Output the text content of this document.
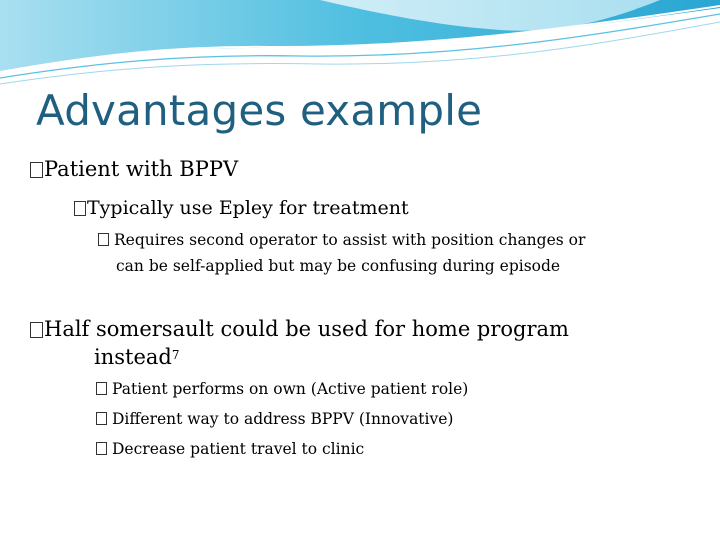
Advantages example
Patient with BPPV
Typically use Epley for treatment
Requires second operator to assist with position changes or
can be self-applied but may be confusing during episode
Half somersault could be used for home program
instead$^7$
Patient performs on own (Active patient role)
Different way to address BPPV (Innovative)
Decrease patient travel to clinic
